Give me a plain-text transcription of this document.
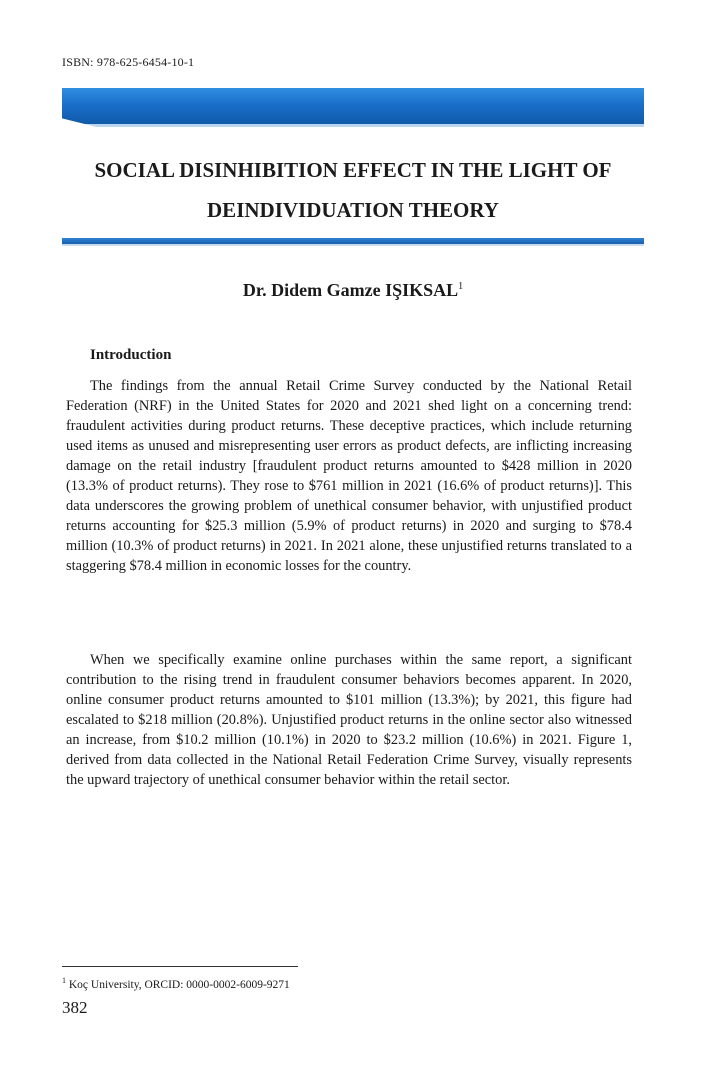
ISBN: 978-625-6454-10-1
SOCIAL DISINHIBITION EFFECT IN THE LIGHT OF DEINDIVIDUATION THEORY
Dr. Didem Gamze IŞIKSAL$^1$
Introduction

The findings from the annual Retail Crime Survey conducted by the National Retail Federation (NRF) in the United States for 2020 and 2021 shed light on a concerning trend: fraudulent activities during product returns. These deceptive practices, which include returning used items as unused and misrepresenting user errors as product defects, are inflicting increasing damage on the retail industry [fraudulent product returns amounted to $428 million in 2020 (13.3% of product returns). They rose to $761 million in 2021 (16.6% of product returns)]. This data underscores the growing problem of unethical consumer behavior, with unjustified product returns accounting for $25.3 million (5.9% of product returns) in 2020 and surging to $78.4 million (10.3% of product returns) in 2021. In 2021 alone, these unjustified returns translated to a staggering $78.4 million in economic losses for the country.

When we specifically examine online purchases within the same report, a significant contribution to the rising trend in fraudulent consumer behaviors becomes apparent. In 2020, online consumer product returns amounted to $101 million (13.3%); by 2021, this figure had escalated to $218 million (20.8%). Unjustified product returns in the online sector also witnessed an increase, from $10.2 million (10.1%) in 2020 to $23.2 million (10.6%) in 2021. Figure 1, derived from data collected in the National Retail Federation Crime Survey, visually represents the upward trajectory of unethical consumer behavior within the retail sector.

$^1$ Koç University, ORCID: 0000-0002-6009-9271
382
